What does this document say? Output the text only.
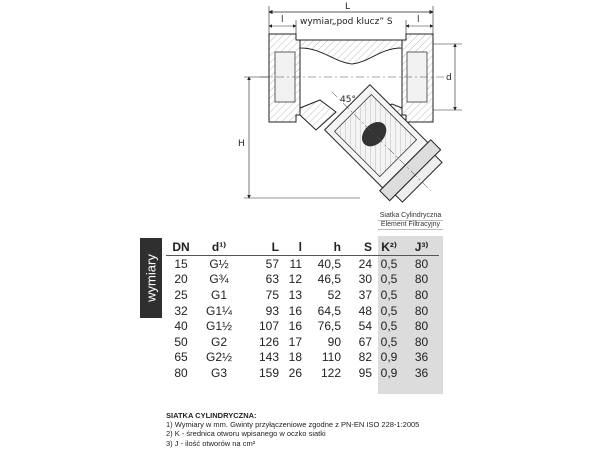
L
l	l
wymiar„pod klucz” S
45°
d
H
Siatka Cylindryczna
Element Filtracyjny
wymiary
DN	d¹⁾	L	l	h	S	K²⁾	J³⁾
15	G½	57	11	40,5	24	0,5	80
20	G¾	63	12	46,5	30	0,5	80
25	G1	75	13	52	37	0,5	80
32	G1¼	93	16	64,5	48	0,5	80
40	G1½	107	16	76,5	54	0,5	80
50	G2	126	17	90	67	0,5	80
65	G2½	143	18	110	82	0,9	36
80	G3	159	26	122	95	0,9	36
SIATKA CYLINDRYCZNA:
1) Wymiary w mm. Gwinty przyłączeniowe zgodne z PN-EN ISO 228-1:2005
2) K - średnica otworu wpisanego w oczko siatki
3) J - ilość otworów na cm²
